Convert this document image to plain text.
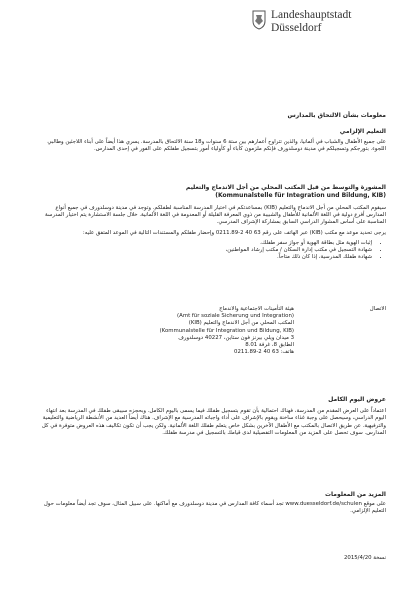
Landeshauptstadt
Düsseldorf

معلومات بشأن الالتحاق بالمدارس

التعليم الإلزامي

على جميع الأطفال والشباب في ألمانيا، والذين تتراوح أعمارهم بين ستة 6 سنوات و18 سنة الالتحاق بالمدرسة. يسري هذا أيضاً على أبناء اللاجئين وطالبي اللجوء. بتورجكم وتسجيلكم في مدينة دوسلدورف فإنكم ملزمون كأباء أو كأولياء أمور بتسجيل طفلكم على الفور في إحدى المدارس.

المشورة والتوسط من قبل المكتب المحلي من أجل الاندماج والتعليم

(Kommunalstelle für Integration und Bildung, KIB)

سيقوم المكتب المحلي من أجل الاندماج والتعليم (KIB) بمساعدتكم في اختيار المدرسة المناسبة لطفلكم. وتوجد في مدينة دوسلدورف في جميع أنواع المدارس أفرع دولية في اللغة الألمانية للأطفال والشبيبة من ذوي المعرفة القليلة أو المعدومة في اللغة الألمانية. خلال جلسة الاستشارة يتم اختيار المدرسة المناسبة على أساس المشوار الدراسي السابق بمشاركة الإشراف المدرسي.

يرجى تحديد موعد مع مكتب (KIB) عبر الهاتف على رقم 63 40 2-0211.89 وإحضار طفلكم والمستندات التالية في الموعد المتفق عليه:

• إثبات الهوية مثل بطاقة الهوية أو جواز سفر طفلك،
• شهادة التسجيل في مكتب إدارة السكان / مكتب إرشاد المواطنين،
• شهادة طفلك المدرسية، إذا كان ذلك متاحاً.
الاتصال
هيئة التأمينات الاجتماعية والاندماج
(Amt für soziale Sicherung und Integration)
المكتب المحلي من أجل الاندماج والتعليم (KIB)
(Kommunalstelle für Integration und Bildung, KIB)
3 ميدان ويلي بيرنز فون ستاين، 40227 دوسلدورف
الطابق 8، غرفة 8.01
هاتف: 63 40 2-0211.89

عروض اليوم الكامل

اعتماداً على العرض المقدم من المدرسة، فهناك احتمالية بأن تقوم بتسجيل طفلك فيما يسمى باليوم الكامل. وبحجزه سيبقى طفلك في المدرسة بعد انتهاء اليوم الدراسي، وسيحصل على وجبة غذاء ساخنة ويقوم بالإشراف على أداء واجباته المدرسية مع الإشراف. هناك أيضاً العديد من الأنشطة الرياضية والتعليمية والترفيهية. عن طريق الاتصال بالمكتب مع الأطفال الآخرين بشكل خاص يتعلم طفلك اللغة الألمانية. ولكن يجب أن تكون تكاليف هذه العروض متوفرة في كل المدارس. سوف تحصل على المزيد من المعلومات التفصيلية لدى قيامك بالتسجيل في مدرسة طفلك.

المزيد من المعلومات

على موقع www.duesseldorf.de/schulen تجد أسماء كافة المدارس في مدينة دوسلدورف مع أماكنها. على سبيل المثال، سوف تجد أيضاً معلومات حول التعليم الإلزامي.

نسخة 2015/4/20
